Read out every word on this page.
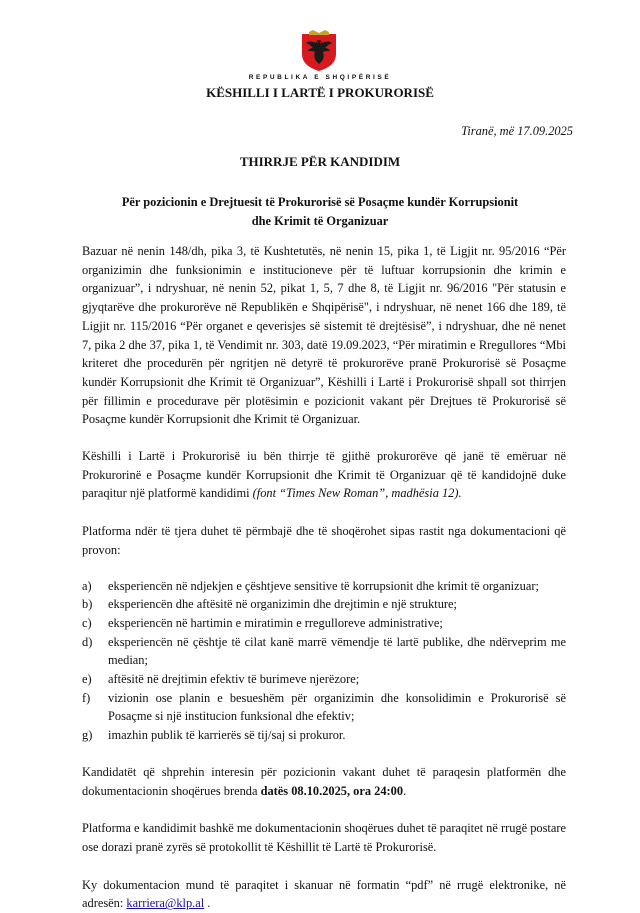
REPUBLIKA E SHQIPËRISË
KËSHILLI I LARTË I PROKURORISË
Tiranë, më 17.09.2025
THIRRJE PËR KANDIDIM
Për pozicionin e Drejtuesit të Prokurorisë së Posaçme kundër Korrupsionit dhe Krimit të Organizuar

Bazuar në nenin 148/dh, pika 3, të Kushtetutës, në nenin 15, pika 1, të Ligjit nr. 95/2016 “Për organizimin dhe funksionimin e institucioneve për të luftuar korrupsionin dhe krimin e organizuar”, i ndryshuar, në nenin 52, pikat 1, 5, 7 dhe 8, të Ligjit nr. 96/2016 "Për statusin e gjyqtarëve dhe prokurorëve në Republikën e Shqipërisë", i ndryshuar, në nenet 166 dhe 189, të Ligjit nr. 115/2016 “Për organet e qeverisjes së sistemit të drejtësisë”, i ndryshuar, dhe në nenet 7, pika 2 dhe 37, pika 1, të Vendimit nr. 303, datë 19.09.2023, “Për miratimin e Rregullores “Mbi kriteret dhe procedurën për ngritjen në detyrë të prokurorëve pranë Prokurorisë së Posaçme kundër Korrupsionit dhe Krimit të Organizuar”, Këshilli i Lartë i Prokurorisë shpall sot thirrjen për fillimin e procedurave për plotësimin e pozicionit vakant për Drejtues të Prokurorisë së Posaçme kundër Korrupsionit dhe Krimit të Organizuar.

Këshilli i Lartë i Prokurorisë iu bën thirrje të gjithë prokurorëve që janë të emëruar në Prokurorinë e Posaçme kundër Korrupsionit dhe Krimit të Organizuar që të kandidojnë duke paraqitur një platformë kandidimi (font “Times New Roman”, madhësia 12).

Platforma ndër të tjera duhet të përmbajë dhe të shoqërohet sipas rastit nga dokumentacioni që provon:

a)	eksperiencën në ndjekjen e çështjeve sensitive të korrupsionit dhe krimit të organizuar;
b)	eksperiencën dhe aftësitë në organizimin dhe drejtimin e një strukture;
c)	eksperiencën në hartimin e miratimin e rregulloreve administrative;
d)	eksperiencën në çështje të cilat kanë marrë vëmendje të lartë publike, dhe ndërveprim me median;
e)	aftësitë në drejtimin efektiv të burimeve njerëzore;
f)	vizionin ose planin e besueshëm për organizimin dhe konsolidimin e Prokurorisë së Posaçme si një institucion funksional dhe efektiv;
g)	imazhin publik të karrierës së tij/saj si prokuror.

Kandidatët që shprehin interesin për pozicionin vakant duhet të paraqesin platformën dhe dokumentacionin shoqërues brenda datës 08.10.2025, ora 24:00.

Platforma e kandidimit bashkë me dokumentacionin shoqërues duhet të paraqitet në rrugë postare ose dorazi pranë zyrës së protokollit të Këshillit të Lartë të Prokurorisë.

Ky dokumentacion mund të paraqitet i skanuar në formatin “pdf” në rrugë elektronike, në adresën: karriera@klp.al .
